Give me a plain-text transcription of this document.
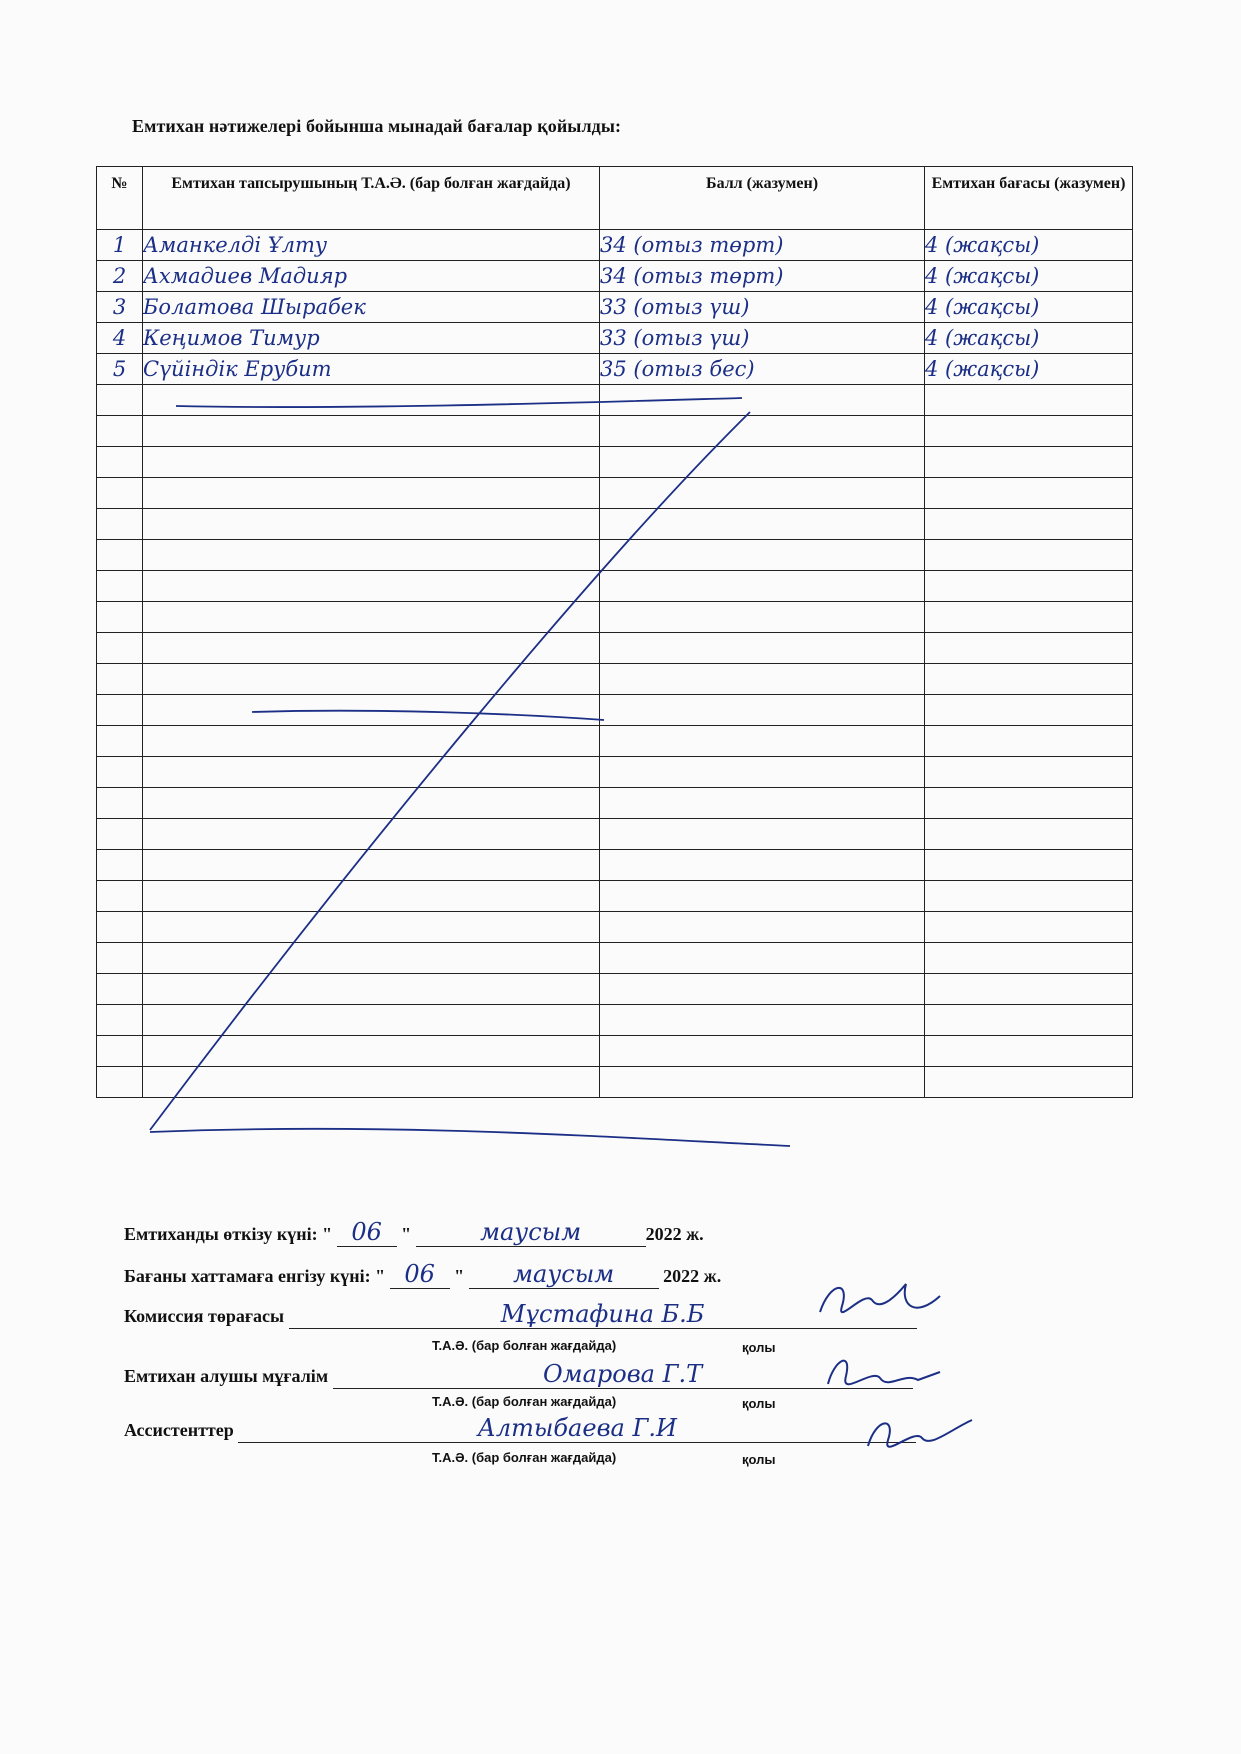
Емтихан нәтижелері бойынша мынадай бағалар қойылды:
№	Емтихан тапсырушының Т.А.Ә. (бар болған жағдайда)	Балл (жазумен)	Емтихан бағасы (жазумен)
1	Аманкелді Ұлту	34 (отыз төрт)	4 (жақсы)
2	Ахмадиев Мадияр	34 (отыз төрт)	4 (жақсы)
3	Болатова Шырабек	33 (отыз үш)	4 (жақсы)
4	Кеңимов Тимур	33 (отыз үш)	4 (жақсы)
5	Сүйіндік Ерубит	35 (отыз бес)	4 (жақсы)

Емтиханды өткізу күні: " 06 "	маусым	2022 ж.
Бағаны хаттамаға енгізу күні: " 06 " маусым	2022 ж.
Комиссия төрағасы	Мұстафина Б.Б
Т.А.Ә. (бар болған жағдайда)	қолы
Емтихан алушы мұғалім	Омарова Г.Т
Т.А.Ә. (бар болған жағдайда)	қолы
Ассистенттер	Алтыбаева Г.И
Т.А.Ә. (бар болған жағдайда)	қолы
